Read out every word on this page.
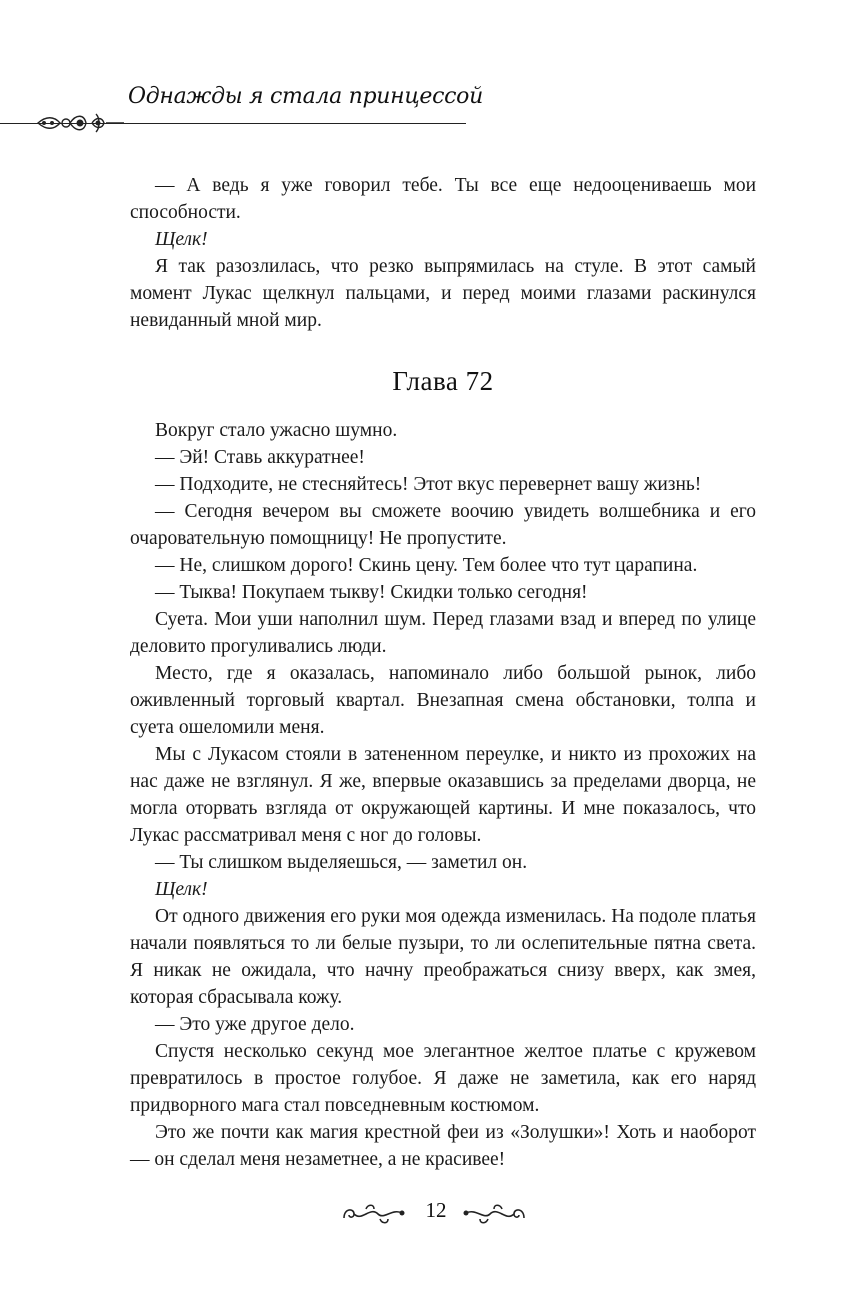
Однажды я стала принцессой

— А ведь я уже говорил тебе. Ты все еще недооцениваешь мои способности.

Щелк!

Я так разозлилась, что резко выпрямилась на стуле. В этот самый момент Лукас щелкнул пальцами, и перед моими глазами раскинулся невиданный мной мир.

Глава 72

Вокруг стало ужасно шумно.

— Эй! Ставь аккуратнее!

— Подходите, не стесняйтесь! Этот вкус перевернет вашу жизнь!

— Сегодня вечером вы сможете воочию увидеть волшебника и его очаровательную помощницу! Не пропустите.

— Не, слишком дорого! Скинь цену. Тем более что тут царапина.

— Тыква! Покупаем тыкву! Скидки только сегодня!

Суета. Мои уши наполнил шум. Перед глазами взад и вперед по улице деловито прогуливались люди.

Место, где я оказалась, напоминало либо большой рынок, либо оживленный торговый квартал. Внезапная смена обстановки, толпа и суета ошеломили меня.

Мы с Лукасом стояли в затененном переулке, и никто из прохожих на нас даже не взглянул. Я же, впервые оказавшись за пределами дворца, не могла оторвать взгляда от окружающей картины. И мне показалось, что Лукас рассматривал меня с ног до головы.

— Ты слишком выделяешься, — заметил он.

Щелк!

От одного движения его руки моя одежда изменилась. На подоле платья начали появляться то ли белые пузыри, то ли ослепительные пятна света. Я никак не ожидала, что начну преображаться снизу вверх, как змея, которая сбрасывала кожу.

— Это уже другое дело.

Спустя несколько секунд мое элегантное желтое платье с кружевом превратилось в простое голубое. Я даже не заметила, как его наряд придворного мага стал повседневным костюмом.

Это же почти как магия крестной феи из «Золушки»! Хоть и наоборот — он сделал меня незаметнее, а не красивее!

12
